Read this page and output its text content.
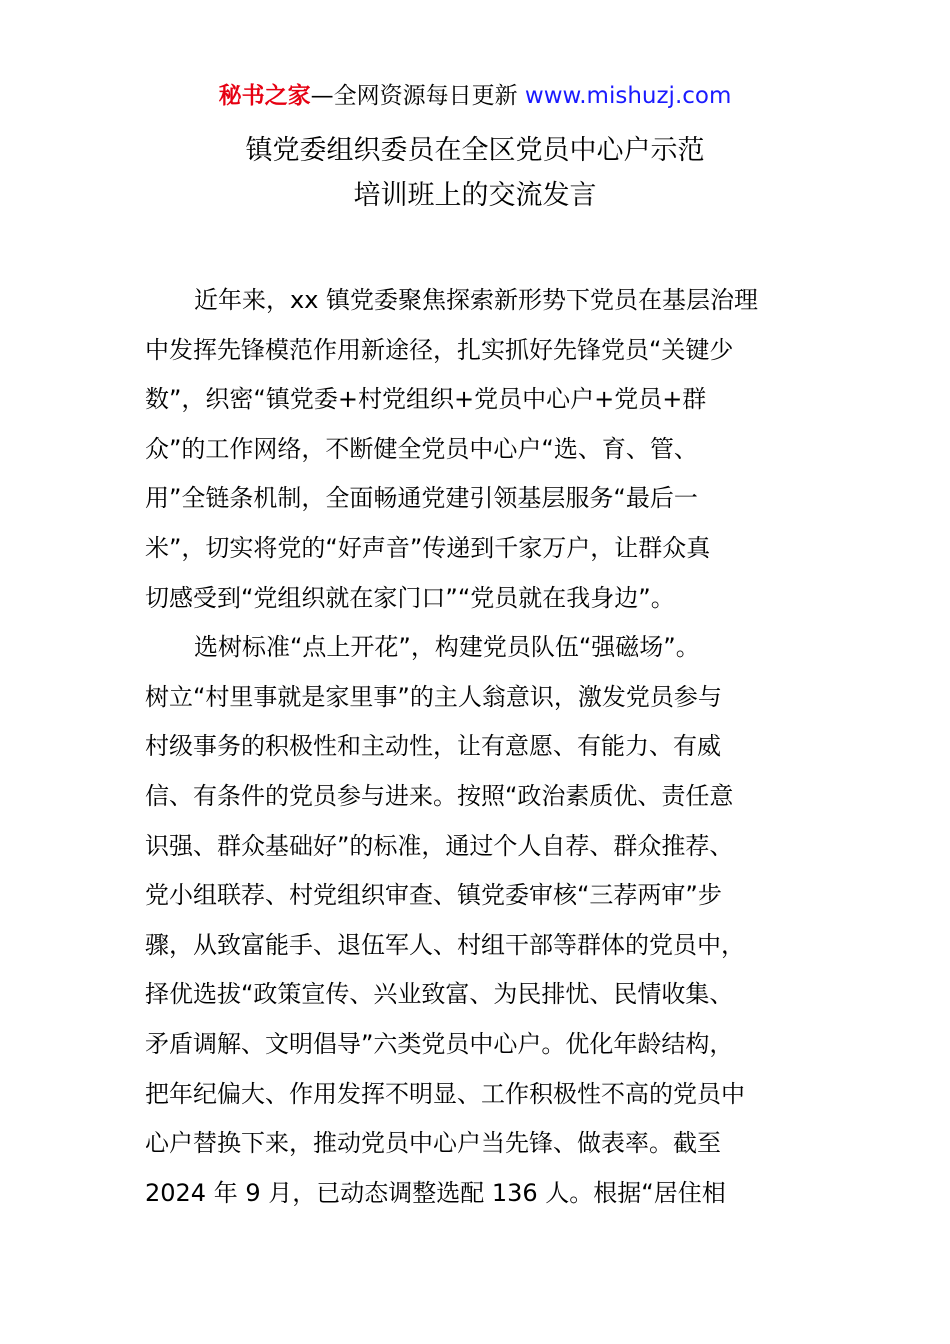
秘书之家—全网资源每日更新 www.mishuzj.com
镇党委组织委员在全区党员中心户示范
培训班上的交流发言
近年来，xx 镇党委聚焦探索新形势下党员在基层治理
中发挥先锋模范作用新途径，扎实抓好先锋党员“关键少
数”，织密“镇党委+村党组织+党员中心户+党员+群
众”的工作网络，不断健全党员中心户“选、育、管、
用”全链条机制，全面畅通党建引领基层服务“最后一
米”，切实将党的“好声音”传递到千家万户，让群众真
切感受到“党组织就在家门口”“党员就在我身边”。
选树标准“点上开花”，构建党员队伍“强磁场”。
树立“村里事就是家里事”的主人翁意识，激发党员参与
村级事务的积极性和主动性，让有意愿、有能力、有威
信、有条件的党员参与进来。按照“政治素质优、责任意
识强、群众基础好”的标准，通过个人自荐、群众推荐、
党小组联荐、村党组织审查、镇党委审核“三荐两审”步
骤，从致富能手、退伍军人、村组干部等群体的党员中，
择优选拔“政策宣传、兴业致富、为民排忧、民情收集、
矛盾调解、文明倡导”六类党员中心户。优化年龄结构，
把年纪偏大、作用发挥不明显、工作积极性不高的党员中
心户替换下来，推动党员中心户当先锋、做表率。截至
2024 年 9 月，已动态调整选配 136 人。根据“居住相
